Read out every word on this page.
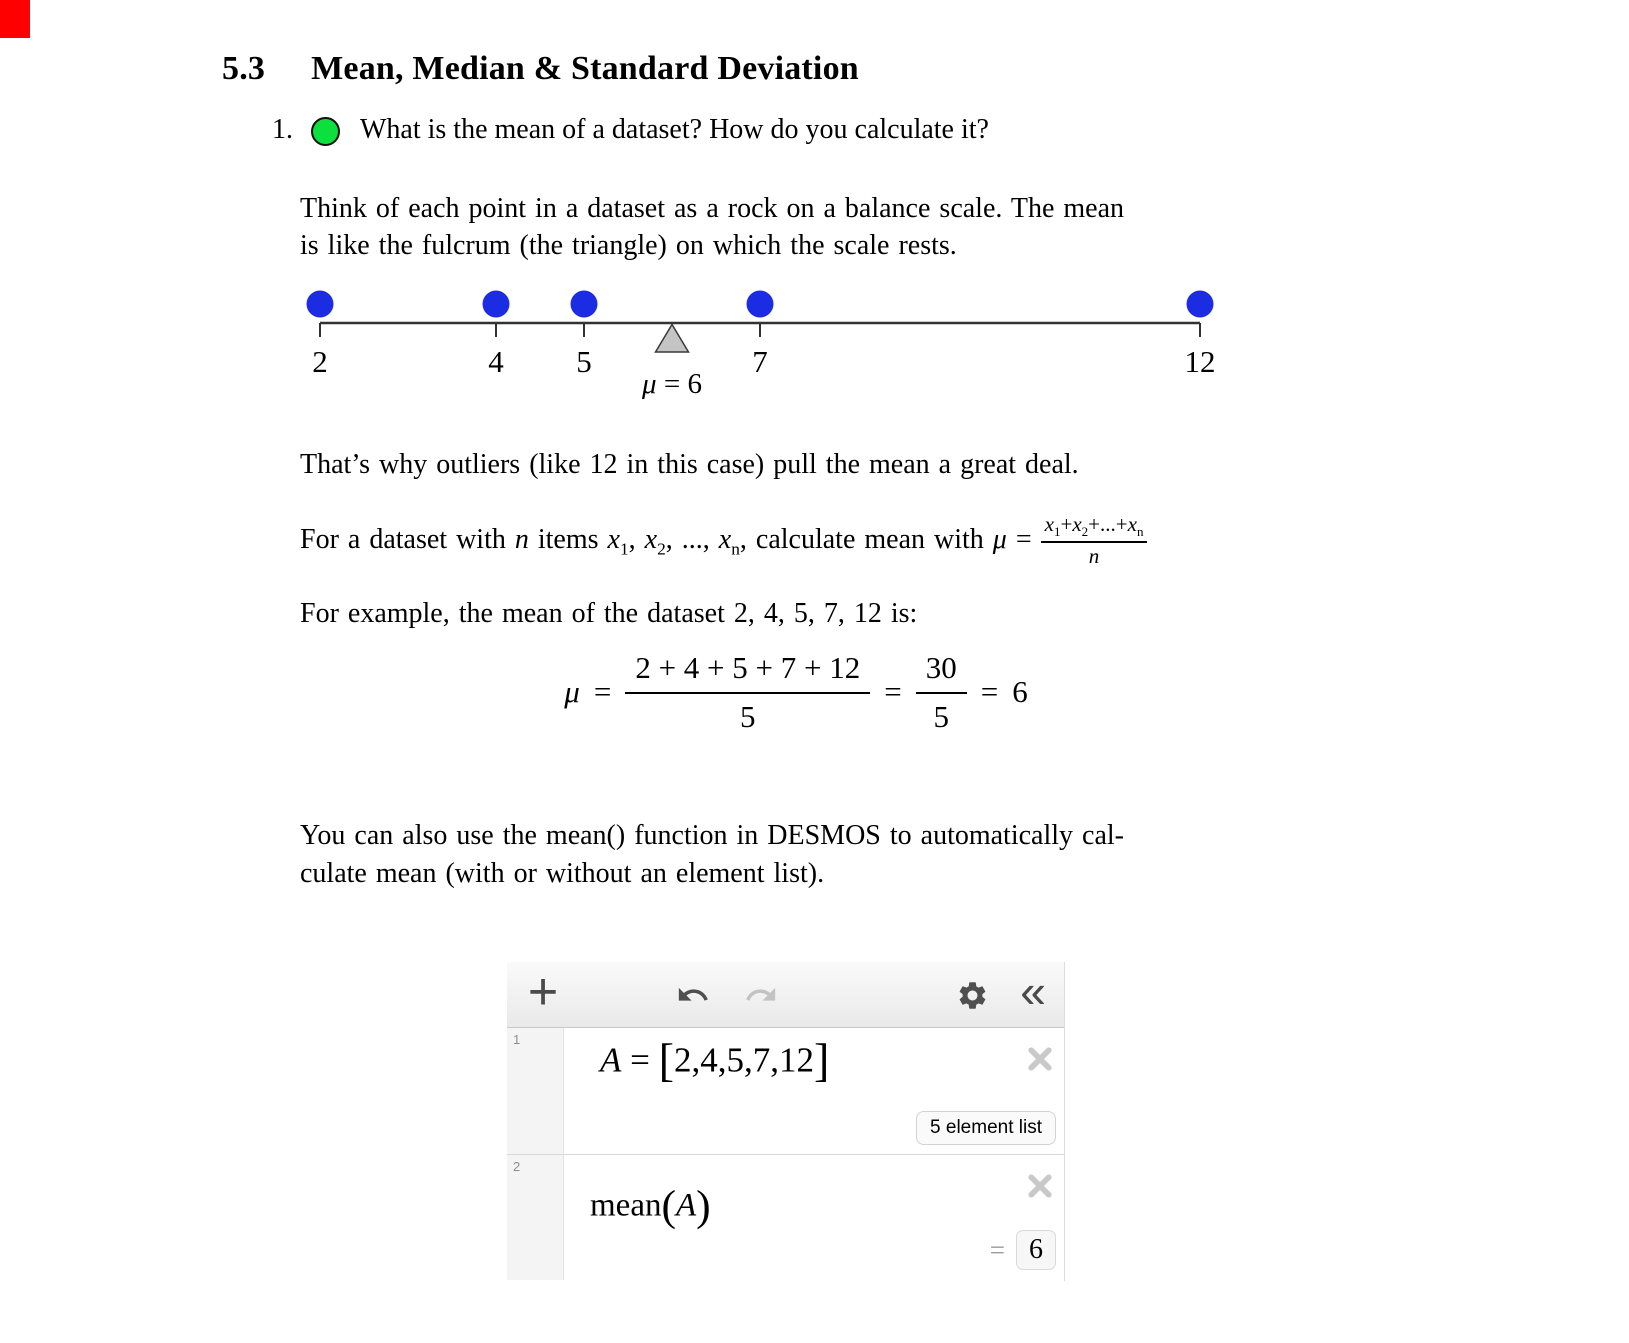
5.3 Mean, Median & Standard Deviation
1. What is the mean of a dataset? How do you calculate it?
Think of each point in a dataset as a rock on a balance scale. The mean
is like the fulcrum (the triangle) on which the scale rests.
2	4 5	7	12
μ = 6
That’s why outliers (like 12 in this case) pull the mean a great deal.
For a dataset with n items $x_1$, $x_2$, ..., $x_n$, calculate mean with $\mu = \frac{x_1+x_2+...+x_n}{n}$
For example, the mean of the dataset 2, 4, 5, 7, 12 is:
$\mu = \frac{2 + 4 + 5 + 7 + 12}{5} = \frac{30}{5} = 6$
You can also use the mean() function in DESMOS to automatically cal-
culate mean (with or without an element list).
+	«
1
A = [2,4,5,7,12]
5 element list
2
mean(A)
= 6
